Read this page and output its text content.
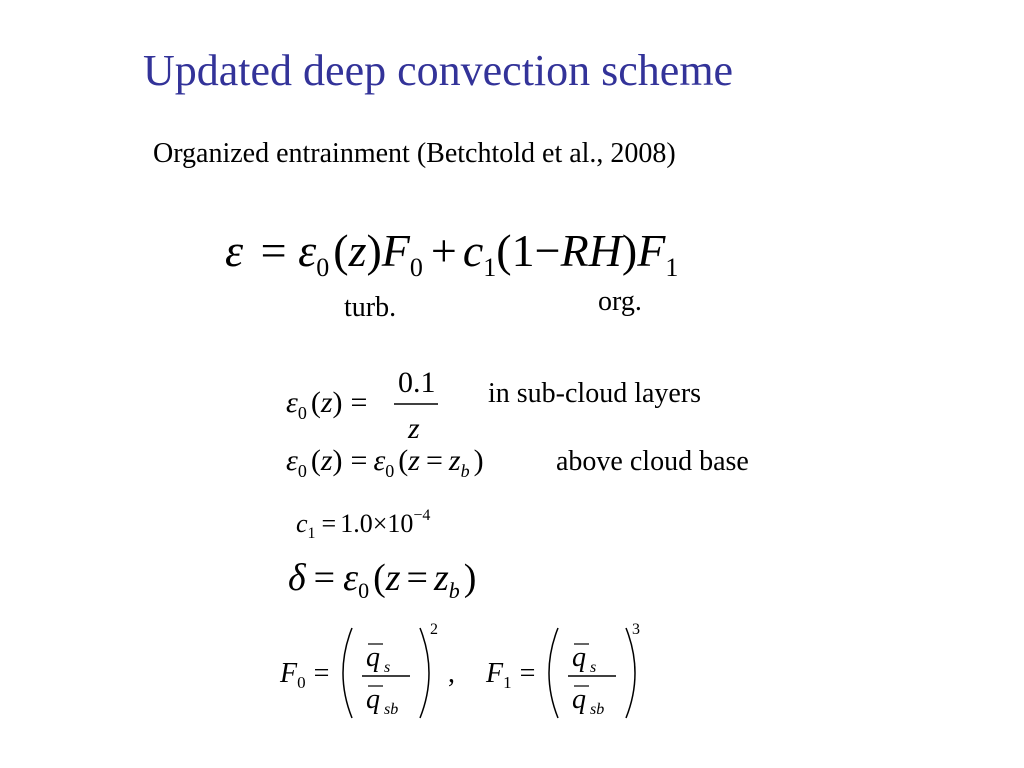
Updated deep convection scheme
Organized entrainment (Betchtold et al., 2008)
$\varepsilon = \varepsilon_0(z)F_0 + c_1(1-RH)F_1$
turb.	org.
$\varepsilon_0$ (z) =
0.1
z
in sub-cloud layers
$\varepsilon_0$ $(z) = \varepsilon_0$ ($z = z_b$ )	above cloud base
$c_1 = 1.0\times 10^{-4}$
$\delta = \varepsilon_0$ ($z = z_b$ )
$F_0$ =
q s
q sb
2
, $F_1$ =
q s
q sb
3
